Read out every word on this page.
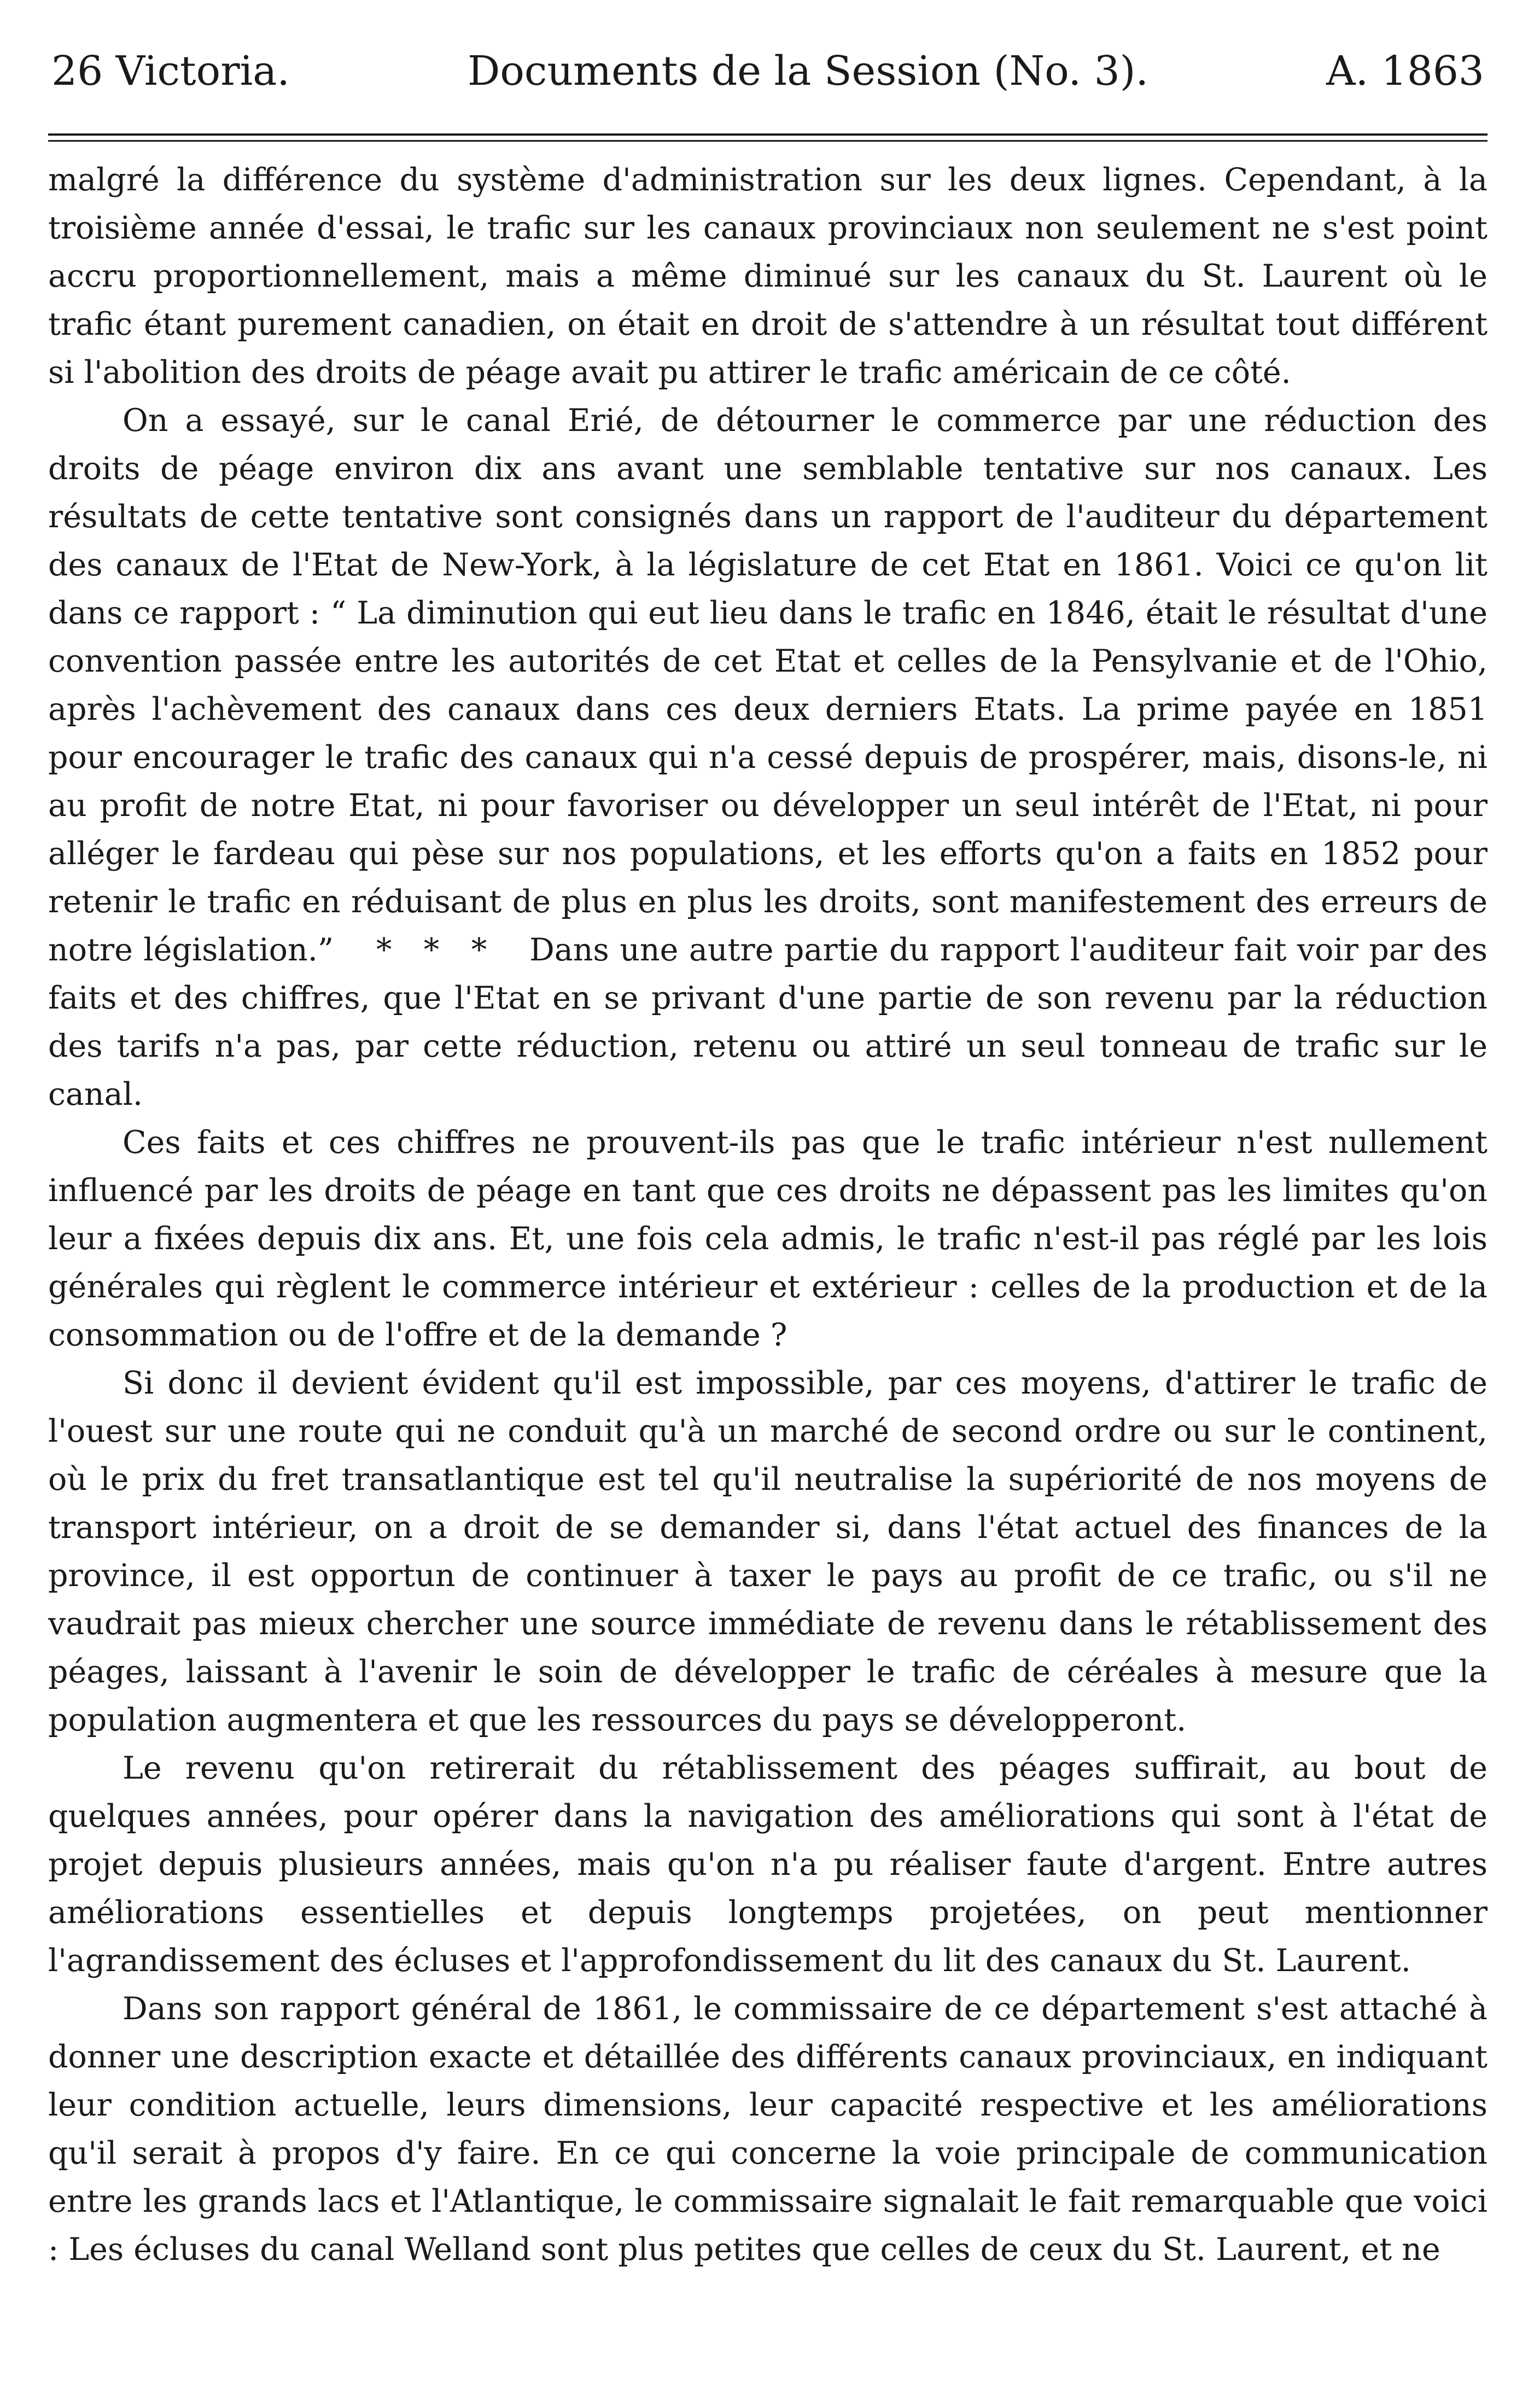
26 Victoria.	Documents de la Session (No. 3).	A. 1863

malgré la différence du système d'administration sur les deux lignes. Cependant, à la troisième année d'essai, le trafic sur les canaux provinciaux non seulement ne s'est point accru proportionnellement, mais a même diminué sur les canaux du St. Laurent où le trafic étant purement canadien, on était en droit de s'attendre à un résultat tout différent si l'abolition des droits de péage avait pu attirer le trafic américain de ce côté.

On a essayé, sur le canal Erié, de détourner le commerce par une réduction des droits de péage environ dix ans avant une semblable tentative sur nos canaux. Les résultats de cette tentative sont consignés dans un rapport de l'auditeur du département des canaux de l'Etat de New-York, à la législature de cet Etat en 1861. Voici ce qu'on lit dans ce rapport : “ La diminution qui eut lieu dans le trafic en 1846, était le résultat d'une convention passée entre les autorités de cet Etat et celles de la Pensylvanie et de l'Ohio, après l'achèvement des canaux dans ces deux derniers Etats. La prime payée en 1851 pour encourager le trafic des canaux qui n'a cessé depuis de prospérer, mais, disons-le, ni au profit de notre Etat, ni pour favoriser ou développer un seul intérêt de l'Etat, ni pour alléger le fardeau qui pèse sur nos populations, et les efforts qu'on a faits en 1852 pour retenir le trafic en réduisant de plus en plus les droits, sont manifestement des erreurs de notre législation.”    *   *   *    Dans une autre partie du rapport l'auditeur fait voir par des faits et des chiffres, que l'Etat en se privant d'une partie de son revenu par la réduction des tarifs n'a pas, par cette réduction, retenu ou attiré un seul tonneau de trafic sur le canal.

Ces faits et ces chiffres ne prouvent-ils pas que le trafic intérieur n'est nullement influencé par les droits de péage en tant que ces droits ne dépassent pas les limites qu'on leur a fixées depuis dix ans. Et, une fois cela admis, le trafic n'est-il pas réglé par les lois générales qui règlent le commerce intérieur et extérieur : celles de la production et de la consommation ou de l'offre et de la demande ?

Si donc il devient évident qu'il est impossible, par ces moyens, d'attirer le trafic de l'ouest sur une route qui ne conduit qu'à un marché de second ordre ou sur le continent, où le prix du fret transatlantique est tel qu'il neutralise la supériorité de nos moyens de transport intérieur, on a droit de se demander si, dans l'état actuel des finances de la province, il est opportun de continuer à taxer le pays au profit de ce trafic, ou s'il ne vaudrait pas mieux chercher une source immédiate de revenu dans le rétablissement des péages, laissant à l'avenir le soin de développer le trafic de céréales à mesure que la population augmentera et que les ressources du pays se développeront.

Le revenu qu'on retirerait du rétablissement des péages suffirait, au bout de quelques années, pour opérer dans la navigation des améliorations qui sont à l'état de projet depuis plusieurs années, mais qu'on n'a pu réaliser faute d'argent. Entre autres améliorations essentielles et depuis longtemps projetées, on peut mentionner l'agrandissement des écluses et l'approfondissement du lit des canaux du St. Laurent.

Dans son rapport général de 1861, le commissaire de ce département s'est attaché à donner une description exacte et détaillée des différents canaux provinciaux, en indiquant leur condition actuelle, leurs dimensions, leur capacité respective et les améliorations qu'il serait à propos d'y faire. En ce qui concerne la voie principale de communication entre les grands lacs et l'Atlantique, le commissaire signalait le fait remarquable que voici : Les écluses du canal Welland sont plus petites que celles de ceux du St. Laurent, et ne
